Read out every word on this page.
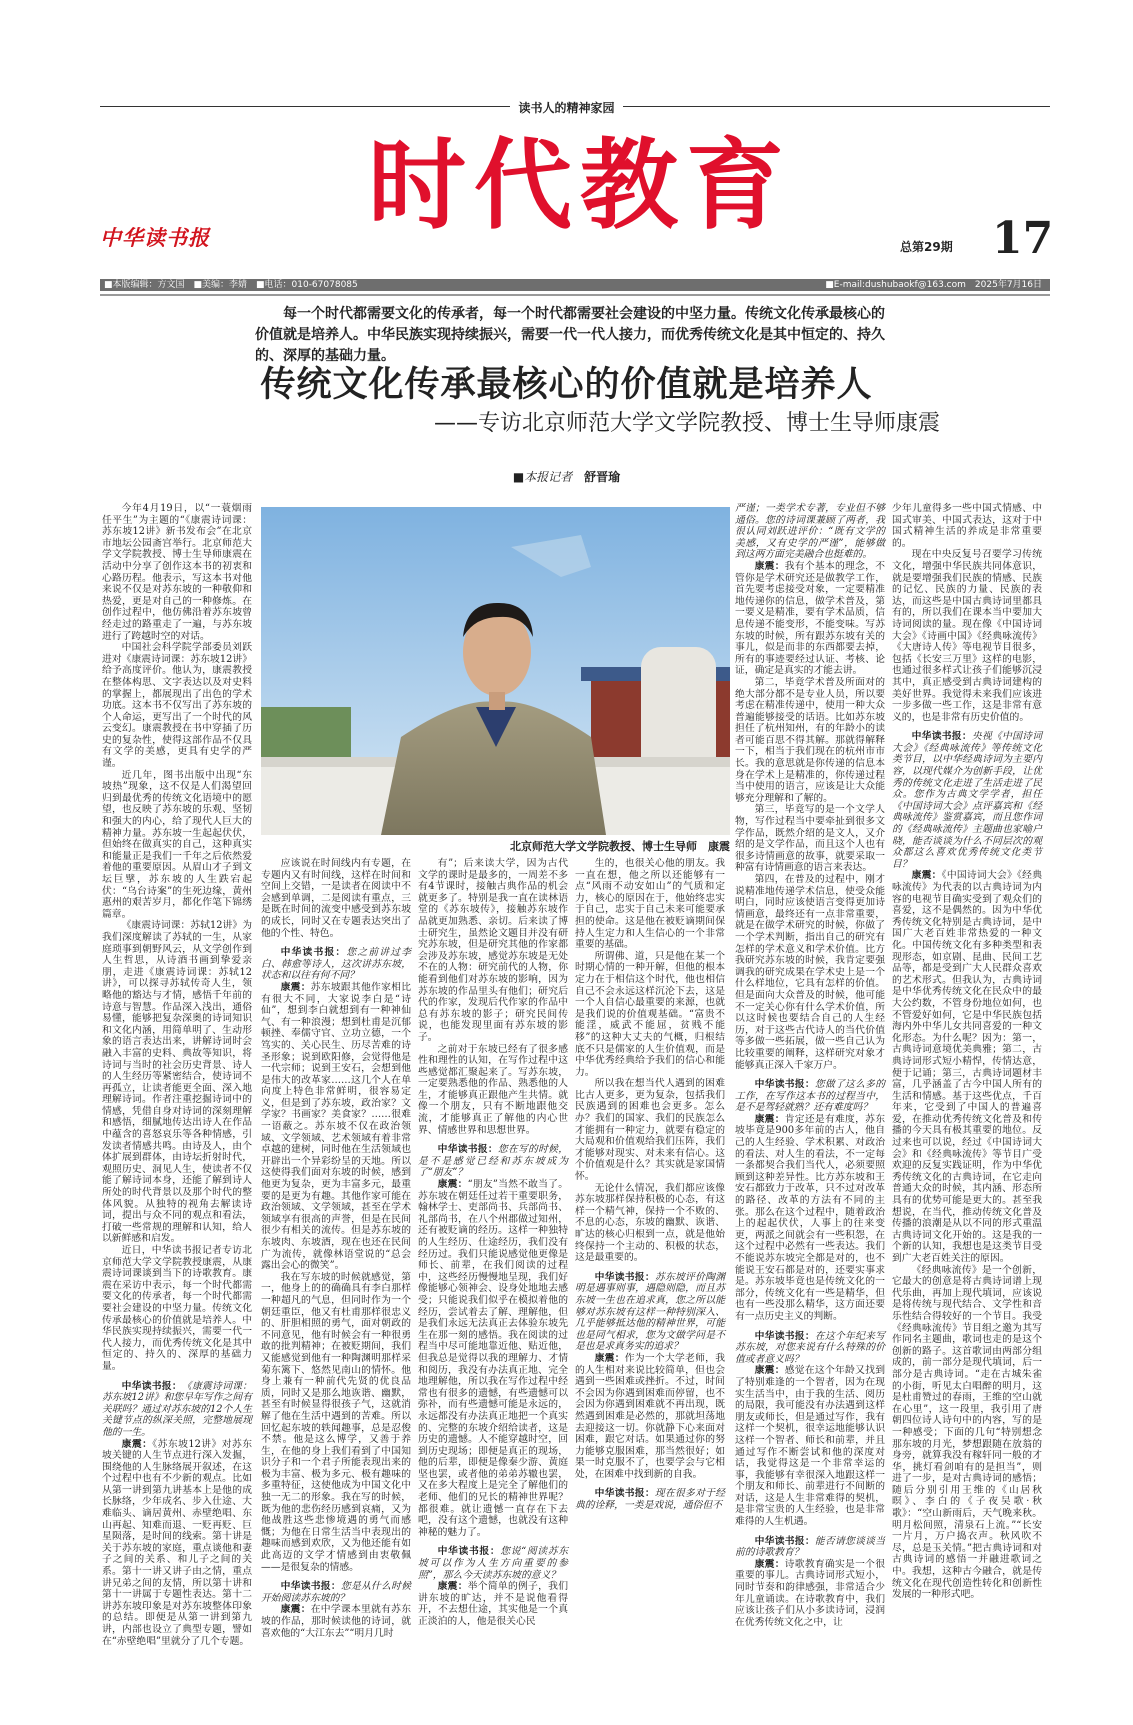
读书人的精神家园
时代教育
中华读书报	总第29期 17
■本版编辑：方文国　■美编：李婧　■电话：010-67078085	■E-mail:dushubaokf@163.com　2025年7月16日
每一个时代都需要文化的传承者，每一个时代都需要社会建设的中坚力量。传统文化传承最核心的价值就是培养人。中华民族实现持续振兴，需要一代一代人接力，而优秀传统文化是其中恒定的、持久的、深厚的基础力量。
传统文化传承最核心的价值就是培养人
——专访北京师范大学文学院教授、博士生导师康震
■本报记者 舒晋瑜
北京师范大学文学院教授、博士生导师　康震

今年4月19日，以“一蓑烟雨任平生”为主题的“《康震诗词课：苏东坡12讲》新书发布会”在北京市地坛公园斋宫举行。北京师范大学文学院教授、博士生导师康震在活动中分享了创作这本书的初衷和心路历程。他表示，写这本书对他来说不仅是对苏东坡的一种敬仰和热爱，更是对自己的一种修炼。在创作过程中，他仿佛沿着苏东坡曾经走过的路重走了一遍，与苏东坡进行了跨越时空的对话。

中国社会科学院学部委员刘跃进对《康震诗词课：苏东坡12讲》给予高度评价。他认为，康震教授在整体构思、文字表达以及对史料的掌握上，都展现出了出色的学术功底。这本书不仅写出了苏东坡的个人命运，更写出了一个时代的风云变幻。康震教授在书中穿插了历史的复杂性，使得这部作品不仅具有文学的美感，更具有史学的严谨。

近几年，图书出版中出现“东坡热”现象，这不仅是人们渴望回归到最优秀的传统文化语境中的愿望，也反映了苏东坡的乐观、坚韧和强大的内心，给了现代人巨大的精神力量。苏东坡一生起起伏伏，但始终在做真实的自己，这种真实和能量正是我们一千年之后依然爱着他的重要原因。从眉山才子到文坛巨擘，苏东坡的人生跌宕起伏：“乌台诗案”的生死边缘，黄州惠州的艰苦岁月，都化作笔下锦绣篇章。

《康震诗词课：苏轼12讲》为我们深度解读了苏轼的一生，从家庭琐事到朝野风云，从文学创作到人生哲思，从诗酒书画到挚爱亲朋，走进《康震诗词课：苏轼12讲》，可以探寻苏轼传奇人生，领略他的豁达与才情，感悟千年前的诗意与智慧。作品深入浅出，通俗易懂，能够把复杂深奥的诗词知识和文化内涵，用简单明了、生动形象的语言表达出来，讲解诗词时会融入丰富的史料、典故等知识，将诗词与当时的社会历史背景、诗人的人生经历等紧密结合，使诗词不再孤立，让读者能更全面、深入地理解诗词。作者注重挖掘诗词中的情感，凭借自身对诗词的深刻理解和感悟，细腻地传达出诗人在作品中蕴含的喜怒哀乐等各种情感，引发读者情感共鸣。由诗及人，由个体扩展到群体，由诗坛折射时代，观照历史、洞见人生，使读者不仅能了解诗词本身，还能了解到诗人所处的时代背景以及那个时代的整体风貌。从独特的视角去解读诗词，提出与众不同的观点和看法，打破一些常规的理解和认知，给人以新鲜感和启发。

近日，中华读书报记者专访北京师范大学文学院教授康震，从康震诗词课谈到当下的诗歌教育。康震在采访中表示，每一个时代都需要文化的传承者，每一个时代都需要社会建设的中坚力量。传统文化传承最核心的价值就是培养人。中华民族实现持续振兴，需要一代一代人接力，而优秀传统文化是其中恒定的、持久的、深厚的基础力量。

中华读书报：《康震诗词课：苏东坡12讲》和您早年写作之间有关联吗？通过对苏东坡的12个人生关键节点的纵深关照，完整地展现他的一生。

康震：《苏东坡12讲》对苏东坡关键的人生节点进行深入发掘，围绕他的人生脉络展开叙述，在这个过程中也有不少新的观点。比如从第一讲到第九讲基本上是他的成长脉络，少年成名、步入仕途、大难临头、谪居黄州、赤壁绝唱、东山再起、知难而退、一贬再贬、巨星陨落，是时间的线索。第十讲是关于苏东坡的家庭，重点谈他和妻子之间的关系、和儿子之间的关系。第十一讲又讲子由之情，重点讲兄弟之间的友情，所以第十讲和第十一讲属于专题性表达。第十二讲苏东坡印象是对苏东坡整体印象的总结。即便是从第一讲到第九讲，内部也设立了典型专题，譬如在“赤壁绝唱”里就分了几个专题。

应该说在时间线内有专题，在专题内又有时间线，这样在时间和空间上交错，一是读者在阅读中不会感到单调，二是阅读有重点，三是既在时间的流变中感受到苏东坡的成长，同时又在专题表达突出了他的个性、特色。

中华读书报：您之前讲过李白、韩愈等诗人，这次讲苏东坡，状态和以往有何不同？

康震：苏东坡跟其他作家相比有很大不同，大家说李白是“诗仙”，想到李白就想到有一种神仙气、有一种浪漫；想到杜甫是沉郁顿挫、奉儒守官、立功立德，一个笃实的、关心民生、历尽苦难的诗圣形象；说到欧阳修，会觉得他是一代宗师；说到王安石，会想到他是伟大的改革家……这几个人在单向度上特色非常鲜明，很容易定义，但是到了苏东坡，政治家？文学家？书画家？美食家？……很难一语蔽之。苏东坡不仅在政治领域、文学领域、艺术领域有着非常卓越的建树，同时他在生活领域也开辟出一个异彩纷呈的天地。所以这使得我们面对东坡的时候，感到他更为复杂，更为丰富多元，最重要的是更为有趣。其他作家可能在政治领域、文学领域，甚至在学术领域享有很高的声誉，但是在民间很少有相关的流传。但是苏东坡的东坡肉、东坡酒，现在也还在民间广为流传，就像林语堂说的“总会露出会心的微笑”。

我在写东坡的时候就感觉，第一，他身上的的确确具有李白那样一种超凡的气息，但同时作为一个朝廷重臣，他又有杜甫那样很忠义的、肝胆相照的勇气，面对朝政的不同意见，他有时候会有一种很勇敢的批判精神；在被贬期间，我们又能感觉到他有一种陶渊明那样采菊东篱下、悠然见南山的情怀。他身上兼有一种前代先贤的优良品质，同时又是那么地诙谐、幽默，甚至有时候显得很孩子气，这就消解了他在生活中遇到的苦难。所以回忆起东坡的轶闻趣事，总是忍俊不禁。他是这么博学，又善于养生，在他的身上我们看到了中国知识分子和一个君子所能表现出来的极为丰富、极为多元、极有趣味的多重特征，这使他成为中国文化中独一无二的形象。我在写的时候，既为他的悲伤经历感到哀痛，又为他战胜这些悲惨境遇的勇气而感慨；为他在日常生活当中表现出的趣味而感到欢欣，又为他还能有如此高迈的文学才情感到由衷敬佩——是很复杂的情感。

中华读书报：您是从什么时候开始阅读苏东坡的？

康震：在中学课本里就有苏东坡的作品，那时候读他的诗词，就喜欢他的“大江东去”“明月几时

有”；后来读大学，因为古代文学的课时是最多的，一周差不多有4节课时，接触古典作品的机会就更多了。特别是我一直在读林语堂的《苏东坡传》，接触苏东坡作品就更加熟悉、亲切。后来读了博士研究生，虽然论文题目并没有研究苏东坡，但是研究其他的作家都会涉及苏东坡，感觉苏东坡是无处不在的人物：研究前代的人物，你能看到他们对苏东坡的影响，因为苏东坡的作品里头有他们；研究后代的作家，发现后代作家的作品中总有苏东坡的影子；研究民间传说，也能发现里面有苏东坡的影子。

之前对于东坡已经有了很多感性和理性的认知，在写作过程中这些感觉都汇聚起来了。写苏东坡，一定要熟悉他的作品、熟悉他的人生，才能够真正跟他产生共情。就像一个朋友，只有不断地跟他交流，才能够真正了解他的内心世界、情感世界和思想世界。

中华读书报：您在写的时候，是不是感觉已经和苏东坡成为了“朋友”？

康震：“朋友”当然不敢当了。苏东坡在朝廷任过若干重要职务，翰林学士、吏部尚书、兵部尚书、礼部尚书，在八个州郡做过知州，还有被贬谪的经历。这样一种独特的人生经历、仕途经历，我们没有经历过。我们只能说感觉他更像是师长、前辈，在我们阅读的过程中，这些经历慢慢地呈现，我们好像能够心领神会、设身处地地去感受；只能说我们似乎在模拟着他的经历，尝试着去了解、理解他，但是我们永远无法真正去体验东坡先生在那一刻的感悟。我在阅读的过程当中尽可能地靠近他、贴近他，但我总是觉得以我的理解力、才情和阅历，我没有办法真正地、完全地理解他，所以我在写作过程中经常也有很多的遗憾，有些遗憾可以弥补，而有些遗憾可能是永远的，永远都没有办法真正地把一个真实的、完整的东坡介绍给读者，这是历史的遗憾。人不能穿越时空，回到历史现场；即便是真正的现场，他的后辈，即便是像秦少游、黄庭坚也罢，或者他的弟弟苏辙也罢，又在多大程度上是完全了解他们的老师、他们的兄长的精神世界呢？都很难。就让遗憾一直存在下去吧，没有这个遗憾，也就没有这种神秘的魅力了。

中华读书报：您说“阅读苏东坡可以作为人生方向重要的参照”，那么今天读苏东坡的意义？

康震：举个简单的例子，我们讲东坡的旷达，并不是说他看得开，不去想仕途，其实他是一个真正淡泊的人，他是很关心民

生的，也很关心他的朋友。我一直在想，他之所以还能够有一点“风雨不动安如山”的气质和定力，核心的原因在于，他始终忠实于自己，忠实于自己未来可能要承担的使命。这是他在被贬谪期间保持人生定力和人生信心的一个非常重要的基础。

所谓佛、道，只是他在某一个时期心情的一种开解，但他的根本定力在于相信这个时代，他也相信自己不会永远这样沉沦下去，这是一个人自信心最重要的来源，也就是我们说的价值观基础。“富贵不能淫，威武不能屈，贫贱不能移”的这种大丈夫的气概，归根结底不只是儒家的人生价值观，而是中华优秀经典给予我们的信心和能力。

所以我在想当代人遇到的困难比古人更多，更为复杂，包括我们民族遇到的困难也会更多。怎么办？我们的国家、我们的民族怎么才能拥有一种定力，就要有稳定的大局观和价值观给我们压阵，我们才能够对现实、对未来有信心。这个价值观是什么？其实就是家国情怀。

无论什么情况，我们都应该像苏东坡那样保持积极的心态，有这样一个精气神，保持一个不败的、不息的心态，东坡的幽默、诙谐、旷达的核心归根到一点，就是他始终保持一个主动的、积极的状态，这是最重要的。

中华读书报：苏东坡评价陶渊明是遇事则事，遇隐则隐，而且苏东坡一生也在追求真，您之所以能够对苏东坡有这样一种特别深入、几乎能够抵达他的精神世界，可能也是同气相求，您为文做学问是不是也是求真务实的追求？

康震：作为一个大学老师，我的人生相对来说比较简单，但也会遇到一些困难或挫折。不过，时间不会因为你遇到困难而停留，也不会因为你遇到困难就不再出现，既然遇到困难是必然的，那就坦荡地去迎接这一切。你就静下心来面对困难，跟它对话。如果通过你的努力能够克服困难，那当然很好；如果一时克服不了，也要学会与它相处，在困难中找到新的自我。

中华读书报：现在很多对于经典的诠释，一类是戏说，通俗但不

严谨；一类学术专著，专业但不够通俗。您的诗词课兼顾了两者，我很认同刘跃进评价：“既有文学的美感，又有史学的严谨”，能够做到这两方面完美融合也挺难的。

康震：我有个基本的理念，不管你是学术研究还是做教学工作，首先要考虑接受对象，一定要精准地传递你的信息，做学术普及，第一要义是精准，要有学术品质，信息传递不能变形，不能变味。写苏东坡的时候，所有跟苏东坡有关的事儿，似是而非的东西都要去掉，所有的事迹要经过认证、考核、论证，确定是真实的才能去讲。

第二，毕竟学术普及所面对的绝大部分都不是专业人员，所以要考虑在精准传递中，使用一种大众普遍能够接受的话语。比如苏东坡担任了杭州知州，有的年龄小的读者可能百思不得其解。那就得解释一下，相当于我们现在的杭州市市长。我的意思就是你传递的信息本身在学术上是精准的，你传递过程当中使用的语言，应该是让大众能够充分理解和了解的。

第三，毕竟写的是一个文学人物，写作过程当中要牵扯到很多文学作品，既然介绍的是文人，又介绍的是文学作品，而且这个人也有很多诗情画意的故事，就要采取一种富有诗情画意的语言来表达。

第四，在普及的过程中，刚才说精准地传递学术信息，使受众能明白，同时应该使语言变得更加诗情画意，最终还有一点非常重要，就是在做学术研究的时候，你做了一个学术判断，指出自己的研究有怎样的学术意义和学术价值。比方我研究苏东坡的时候，我肯定要强调我的研究成果在学术史上是一个什么样地位，它具有怎样的价值。但是面向大众普及的时候，他可能不一定关心你有什么学术价值，所以这时候也要结合自己的人生经历，对于这些古代诗人的当代价值等多做一些拓展，做一些自己认为比较重要的阐释，这样研究对象才能够真正深入千家万户。

中华读书报：您做了这么多的工作，在写作这本书的过程当中，是不是驾轻就熟？还有难度吗？

康震：肯定还是有难度，苏东坡毕竟是900多年前的古人，他自己的人生经验、学术积累、对政治的看法、对人生的看法，不一定每一条都契合我们当代人，必须要照顾到这种差异性。比方苏东坡和王安石都致力于改革，只不过对改革的路径、改革的方法有不同的主张。那么在这个过程中，随着政治上的起起伏伏，人事上的往来变更，两派之间就会有一些积怨，在这个过程中必然有一些表达。我们不能说苏东坡完全都是对的，也不能说王安石都是对的，还要实事求是。苏东坡毕竟也是传统文化的一部分，传统文化有一些是精华，但也有一些没那么精华，这方面还要有一点历史主义的判断。

中华读书报：在这个年纪来写苏东坡，对您来说有什么特殊的价值或者意义吗？

康震：感觉在这个年龄又找到了特别难逢的一个智者，因为在现实生活当中，由于我的生活、阅历的局限，我可能没有办法遇到这样朋友或师长，但是通过写作，我有这样一个契机，很幸运地能够认识这样一个智者、师长和前辈，并且通过写作不断尝试和他的深度对话，我觉得这是一个非常幸运的事，我能够有幸很深入地跟这样一个朋友和师长、前辈进行不间断的对话，这是人生非常难得的契机，是非常宝贵的人生经验，也是非常难得的人生机遇。

中华读书报：能否请您谈谈当前的诗歌教育？

康震：诗歌教育确实是一个很重要的事儿。古典诗词形式短小，同时节奏和韵律感强，非常适合少年儿童诵读。在诗歌教育中，我们应该让孩子们从小多读诗词，浸润在优秀传统文化之中，让

少年儿童得多一些中国式情感、中国式审美、中国式表达，这对于中国式精神生活的养成是非常重要的。

现在中央反复号召要学习传统文化，增强中华民族共同体意识，就是要增强我们民族的情感、民族的记忆、民族的力量、民族的表达，而这些是中国古典诗词里都具有的，所以我们在课本当中要加大诗词阅读的量。现在像《中国诗词大会》《诗画中国》《经典咏流传》《大唐诗人传》等电视节目很多，包括《长安三万里》这样的电影，也通过很多样式让孩子们能够沉浸其中，真正感受到古典诗词建构的美好世界。我觉得未来我们应该进一步多做一些工作，这是非常有意义的，也是非常有历史价值的。

中华读书报：央视《中国诗词大会》《经典咏流传》等传统文化类节目，以中华经典诗词为主要内容，以现代媒介为创新手段，让优秀的传统文化走进了生活走进了民众。您作为古典文学学者，担任《中国诗词大会》点评嘉宾和《经典咏流传》鉴赏嘉宾，而且您作词的《经典咏流传》主题曲也家喻户晓，能否谈谈为什么不同层次的观众都这么喜欢优秀传统文化类节目？

康震：《中国诗词大会》《经典咏流传》为代表的以古典诗词为内容的电视节目确实受到了观众们的喜爱，这不是偶然的。因为中华优秀传统文化特别是古典诗词，是中国广大老百姓非常热爱的一种文化。中国传统文化有多种类型和表现形态，如京剧、昆曲、民间工艺品等，都是受到广大人民群众喜欢的艺术形式。但我认为，古典诗词是中华优秀传统文化在民众中的最大公约数，不管身份地位如何，也不管爱好如何，它是中华民族包括海内外中华儿女共同喜爱的一种文化形态。为什么呢？因为：第一，古典诗词意境优美典雅；第二，古典诗词形式短小精悍，传情达意，便于记诵；第三，古典诗词题材丰富，几乎涵盖了古今中国人所有的生活和情感。基于这些优点，千百年来，它受到了中国人的普遍喜爱，在推动优秀传统文化普及和传播的今天具有极其重要的地位。反过来也可以说，经过《中国诗词大会》和《经典咏流传》等节目广受欢迎的反复实践证明，作为中华优秀传统文化的古典诗词，在它走向普通大众的时候，其内涵、形态所具有的优势可能是更大的。甚至我想说，在当代，推动传统文化普及传播的浪潮是从以不同的形式重温古典诗词文化开始的。这是我的一个新的认知，我想也是这类节目受到广大老百姓关注的原因。

《经典咏流传》是一个创新，它最大的创意是将古典诗词谱上现代乐曲，再加上现代填词，应该说是将传统与现代结合、文学性和音乐性结合得较好的一个节目。我受《经典咏流传》节目组之邀为其写作同名主题曲，歌词也走的是这个创新的路子。这首歌词由两部分组成的，前一部分是现代填词，后一部分是古典诗词。“走在古城朱雀的小街，听见太白唱醉的明月，这是杜甫赞过的春雨，王维的空山就在心里”，这一段里，我引用了唐朝四位诗人诗句中的内容，写的是一种感受；下面的几句“特别想念那东坡的月光，梦想跟随在放翁的身旁，就算我没有稼轩同一般的才华，挑灯看剑咱有的是担当”，则进了一步，是对古典诗词的感悟；随后分别引用王维的《山居秋暝》、李白的《子夜吴歌·秋歌》：“空山新雨后，天气晚来秋。明月松间照，清泉石上流。”“长安一片月，万户捣衣声。秋风吹不尽，总是玉关情。”把古典诗词和对古典诗词的感悟一并融进歌词之中。我想，这种古今融合，就是传统文化在现代创造性转化和创新性发展的一种形式吧。
